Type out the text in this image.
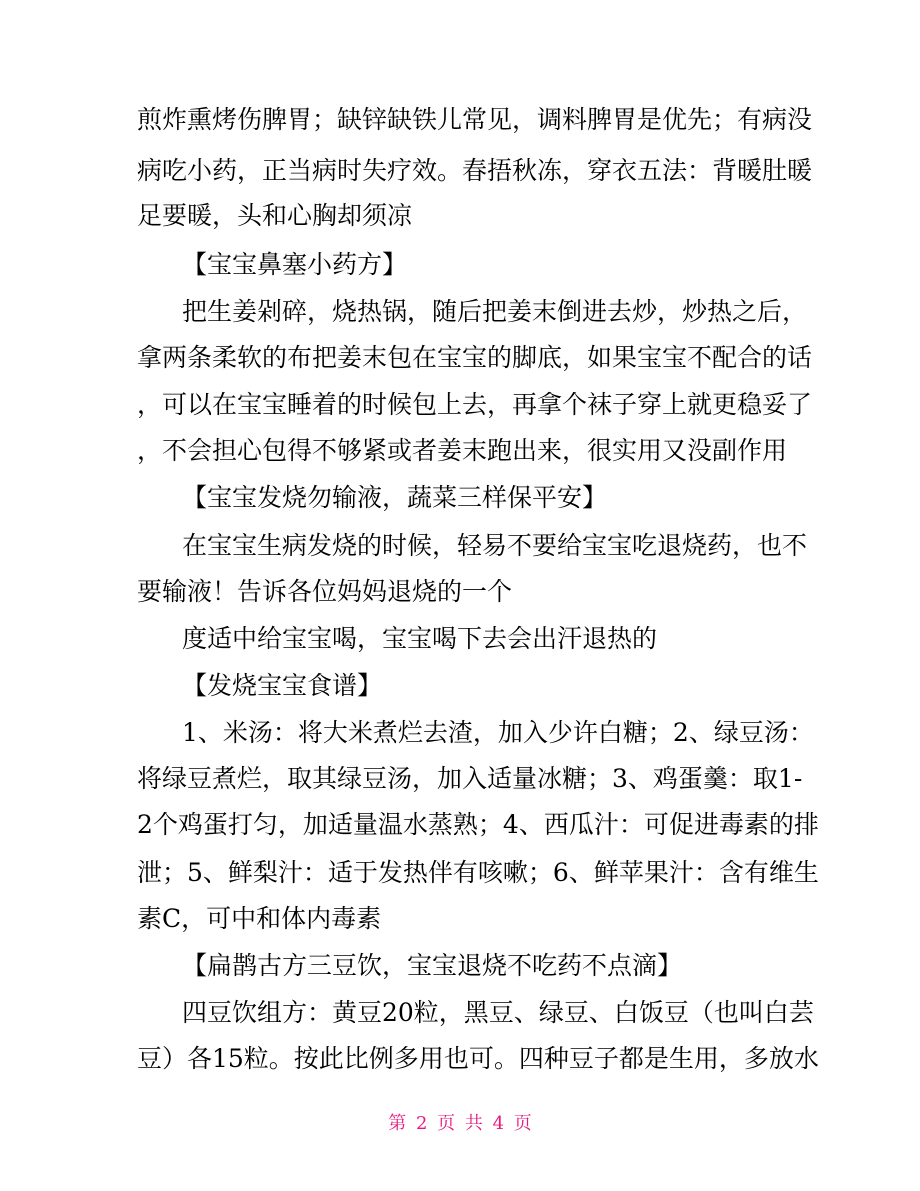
煎炸熏烤伤脾胃；缺锌缺铁儿常见，调料脾胃是优先；有病没
病吃小药，正当病时失疗效。春捂秋冻，穿衣五法：背暖肚暖
足要暖，头和心胸却须凉
【宝宝鼻塞小药方】
把生姜剁碎，烧热锅，随后把姜末倒进去炒，炒热之后，
拿两条柔软的布把姜末包在宝宝的脚底，如果宝宝不配合的话
，可以在宝宝睡着的时候包上去，再拿个袜子穿上就更稳妥了
，不会担心包得不够紧或者姜末跑出来，很实用又没副作用
【宝宝发烧勿输液，蔬菜三样保平安】
在宝宝生病发烧的时候，轻易不要给宝宝吃退烧药，也不
要输液！告诉各位妈妈退烧的一个
度适中给宝宝喝，宝宝喝下去会出汗退热的
【发烧宝宝食谱】
1、米汤：将大米煮烂去渣，加入少许白糖；2、绿豆汤：
将绿豆煮烂，取其绿豆汤，加入适量冰糖；3、鸡蛋羹：取1-
2个鸡蛋打匀，加适量温水蒸熟；4、西瓜汁：可促进毒素的排
泄；5、鲜梨汁：适于发热伴有咳嗽；6、鲜苹果汁：含有维生
素C，可中和体内毒素
【扁鹊古方三豆饮，宝宝退烧不吃药不点滴】
四豆饮组方：黄豆20粒，黑豆、绿豆、白饭豆（也叫白芸
豆）各15粒。按此比例多用也可。四种豆子都是生用，多放水
第 2 页 共 4 页
